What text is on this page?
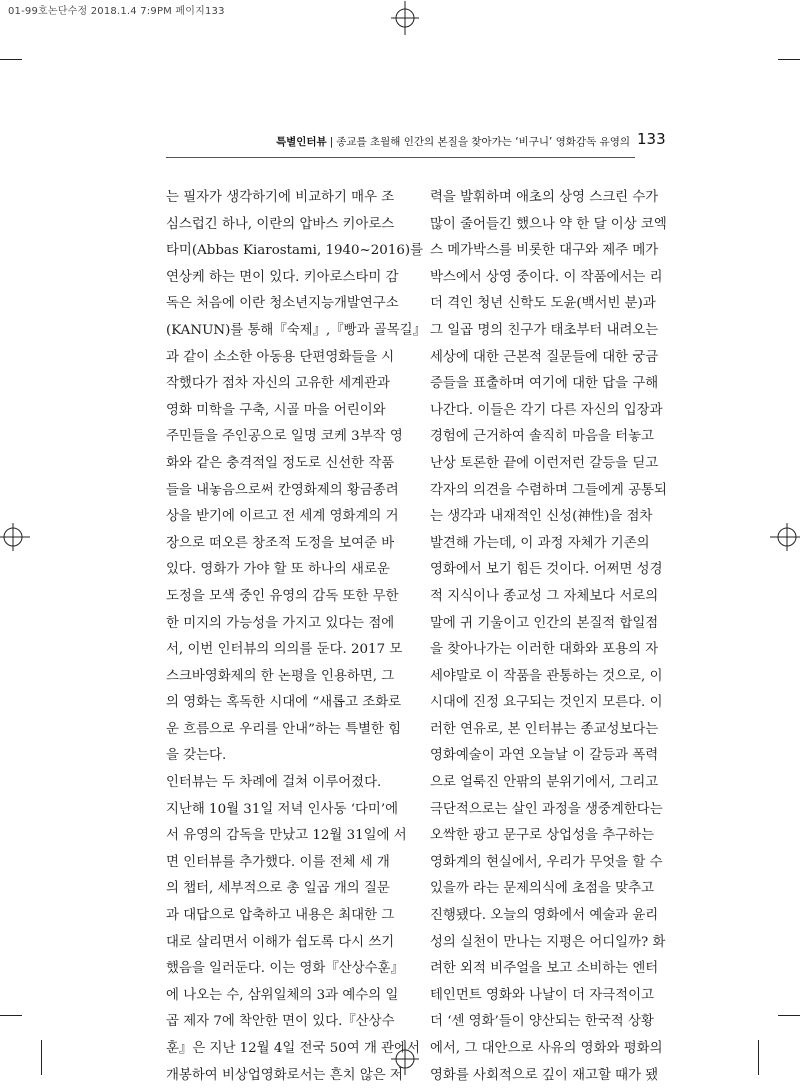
01-99호논단수정 2018.1.4 7:9PM 페이지133
특별인터뷰 | 종교를 초월해 인간의 본질을 찾아가는 ‘비구니’ 영화감독 유영의 133
는 필자가 생각하기에 비교하기 매우 조
심스럽긴 하나, 이란의 압바스 키아로스
타미(Abbas Kiarostami, 1940~2016)를
연상케 하는 면이 있다. 키아로스타미 감
독은 처음에 이란 청소년지능개발연구소
(KANUN)를 통해『숙제』,『빵과 골목길』
과 같이 소소한 아동용 단편영화들을 시
작했다가 점차 자신의 고유한 세계관과
영화 미학을 구축, 시골 마을 어린이와
주민들을 주인공으로 일명 코케 3부작 영
화와 같은 충격적일 정도로 신선한 작품
들을 내놓음으로써 칸영화제의 황금종려
상을 받기에 이르고 전 세계 영화계의 거
장으로 떠오른 창조적 도정을 보여준 바
있다. 영화가 가야 할 또 하나의 새로운
도정을 모색 중인 유영의 감독 또한 무한
한 미지의 가능성을 가지고 있다는 점에
서, 이번 인터뷰의 의의를 둔다. 2017 모
스크바영화제의 한 논평을 인용하면, 그
의 영화는 혹독한 시대에 “새롭고 조화로
운 흐름으로 우리를 안내”하는 특별한 힘
을 갖는다.
인터뷰는 두 차례에 걸쳐 이루어졌다.
지난해 10월 31일 저녁 인사동 ‘다미’에
서 유영의 감독을 만났고 12월 31일에 서
면 인터뷰를 추가했다. 이를 전체 세 개
의 챕터, 세부적으로 총 일곱 개의 질문
과 대답으로 압축하고 내용은 최대한 그
대로 살리면서 이해가 쉽도록 다시 쓰기
했음을 일러둔다. 이는 영화『산상수훈』
에 나오는 수, 삼위일체의 3과 예수의 일
곱 제자 7에 착안한 면이 있다.『산상수
훈』은 지난 12월 4일 전국 50여 개 관에서
개봉하여 비상업영화로서는 흔치 않은 저
력을 발휘하며 애초의 상영 스크린 수가
많이 줄어들긴 했으나 약 한 달 이상 코엑
스 메가박스를 비롯한 대구와 제주 메가
박스에서 상영 중이다. 이 작품에서는 리
더 격인 청년 신학도 도윤(백서빈 분)과
그 일곱 명의 친구가 태초부터 내려오는
세상에 대한 근본적 질문들에 대한 궁금
증들을 표출하며 여기에 대한 답을 구해
나간다. 이들은 각기 다른 자신의 입장과
경험에 근거하여 솔직히 마음을 터놓고
난상 토론한 끝에 이런저런 갈등을 딛고
각자의 의견을 수렴하며 그들에게 공통되
는 생각과 내재적인 신성(神性)을 점차
발견해 가는데, 이 과정 자체가 기존의
영화에서 보기 힘든 것이다. 어쩌면 성경
적 지식이나 종교성 그 자체보다 서로의
말에 귀 기울이고 인간의 본질적 합일점
을 찾아나가는 이러한 대화와 포용의 자
세야말로 이 작품을 관통하는 것으로, 이
시대에 진정 요구되는 것인지 모른다. 이
러한 연유로, 본 인터뷰는 종교성보다는
영화예술이 과연 오늘날 이 갈등과 폭력
으로 얼룩진 안팎의 분위기에서, 그리고
극단적으로는 살인 과정을 생중계한다는
오싹한 광고 문구로 상업성을 추구하는
영화계의 현실에서, 우리가 무엇을 할 수
있을까 라는 문제의식에 초점을 맞추고
진행됐다. 오늘의 영화에서 예술과 윤리
성의 실천이 만나는 지평은 어디일까? 화
려한 외적 비주얼을 보고 소비하는 엔터
테인먼트 영화와 나날이 더 자극적이고
더 ‘센 영화’들이 양산되는 한국적 상황
에서, 그 대안으로 사유의 영화와 평화의
영화를 사회적으로 깊이 재고할 때가 됐
